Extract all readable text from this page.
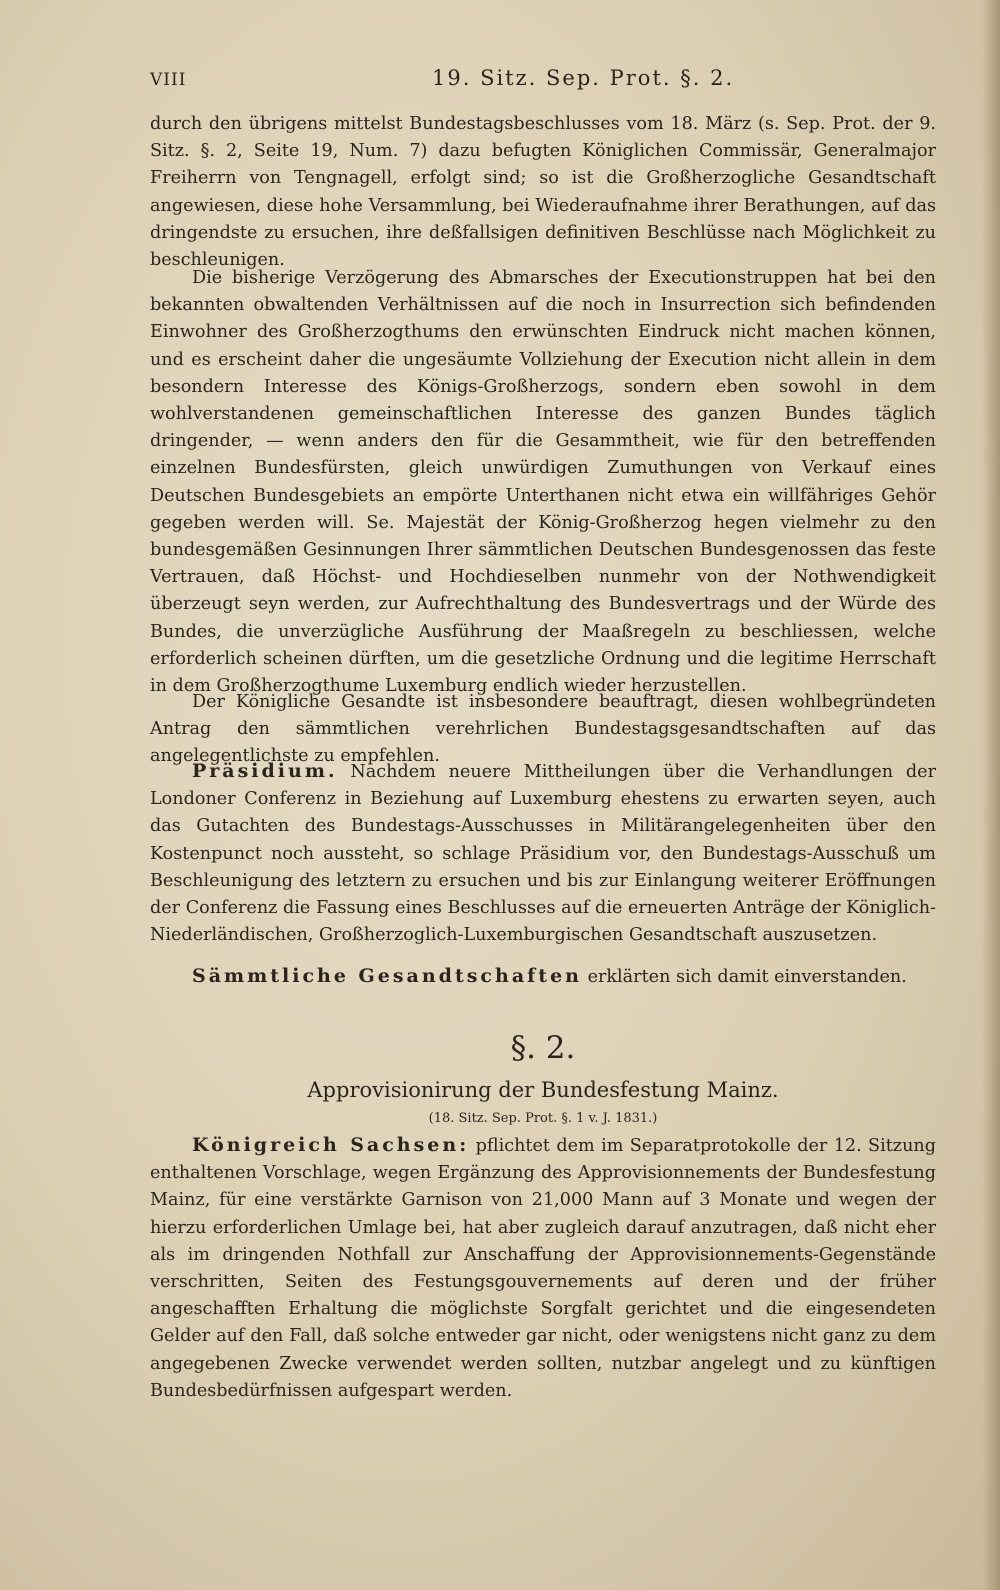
VIII	19. Sitz. Sep. Prot. §. 2.

durch den übrigens mittelst Bundestagsbeschlusses vom 18. März (s. Sep. Prot. der 9. Sitz. §. 2, Seite 19, Num. 7) dazu befugten Königlichen Commissär, Generalmajor Freiherrn von Tengnagell, erfolgt sind; so ist die Großherzogliche Gesandtschaft angewiesen, diese hohe Versammlung, bei Wiederaufnahme ihrer Berathungen, auf das dringendste zu ersuchen, ihre deßfallsigen definitiven Beschlüsse nach Möglichkeit zu beschleunigen.

Die bisherige Verzögerung des Abmarsches der Executionstruppen hat bei den bekannten obwaltenden Verhältnissen auf die noch in Insurrection sich befindenden Einwohner des Großherzogthums den erwünschten Eindruck nicht machen können, und es erscheint daher die ungesäumte Vollziehung der Execution nicht allein in dem besondern Interesse des Königs-Großherzogs, sondern eben sowohl in dem wohlverstandenen gemeinschaftlichen Interesse des ganzen Bundes täglich dringender, — wenn anders den für die Gesammtheit, wie für den betreffenden einzelnen Bundesfürsten, gleich unwürdigen Zumuthungen von Verkauf eines Deutschen Bundesgebiets an empörte Unterthanen nicht etwa ein willfähriges Gehör gegeben werden will. Se. Majestät der König-Großherzog hegen vielmehr zu den bundesgemäßen Gesinnungen Ihrer sämmtlichen Deutschen Bundesgenossen das feste Vertrauen, daß Höchst- und Hochdieselben nunmehr von der Nothwendigkeit überzeugt seyn werden, zur Aufrechthaltung des Bundesvertrags und der Würde des Bundes, die unverzügliche Ausführung der Maaßregeln zu beschliessen, welche erforderlich scheinen dürften, um die gesetzliche Ordnung und die legitime Herrschaft in dem Großherzogthume Luxemburg endlich wieder herzustellen.

Der Königliche Gesandte ist insbesondere beauftragt, diesen wohlbegründeten Antrag den sämmtlichen verehrlichen Bundestagsgesandtschaften auf das angelegentlichste zu empfehlen.

Präsidium. Nachdem neuere Mittheilungen über die Verhandlungen der Londoner Conferenz in Beziehung auf Luxemburg ehestens zu erwarten seyen, auch das Gutachten des Bundestags-Ausschusses in Militärangelegenheiten über den Kostenpunct noch aussteht, so schlage Präsidium vor, den Bundestags-Ausschuß um Beschleunigung des letztern zu ersuchen und bis zur Einlangung weiterer Eröffnungen der Conferenz die Fassung eines Beschlusses auf die erneuerten Anträge der Königlich-Niederländischen, Großherzoglich-Luxemburgischen Gesandtschaft auszusetzen.

Sämmtliche Gesandtschaften erklärten sich damit einverstanden.

§. 2.
Approvisionirung der Bundesfestung Mainz.
(18. Sitz. Sep. Prot. §. 1 v. J. 1831.)

Königreich Sachsen: pflichtet dem im Separatprotokolle der 12. Sitzung enthaltenen Vorschlage, wegen Ergänzung des Approvisionnements der Bundesfestung Mainz, für eine verstärkte Garnison von 21,000 Mann auf 3 Monate und wegen der hierzu erforderlichen Umlage bei, hat aber zugleich darauf anzutragen, daß nicht eher als im dringenden Nothfall zur Anschaffung der Approvisionnements-Gegenstände verschritten, Seiten des Festungsgouvernements auf deren und der früher angeschafften Erhaltung die möglichste Sorgfalt gerichtet und die eingesendeten Gelder auf den Fall, daß solche entweder gar nicht, oder wenigstens nicht ganz zu dem angegebenen Zwecke verwendet werden sollten, nutzbar angelegt und zu künftigen Bundesbedürfnissen aufgespart werden.
